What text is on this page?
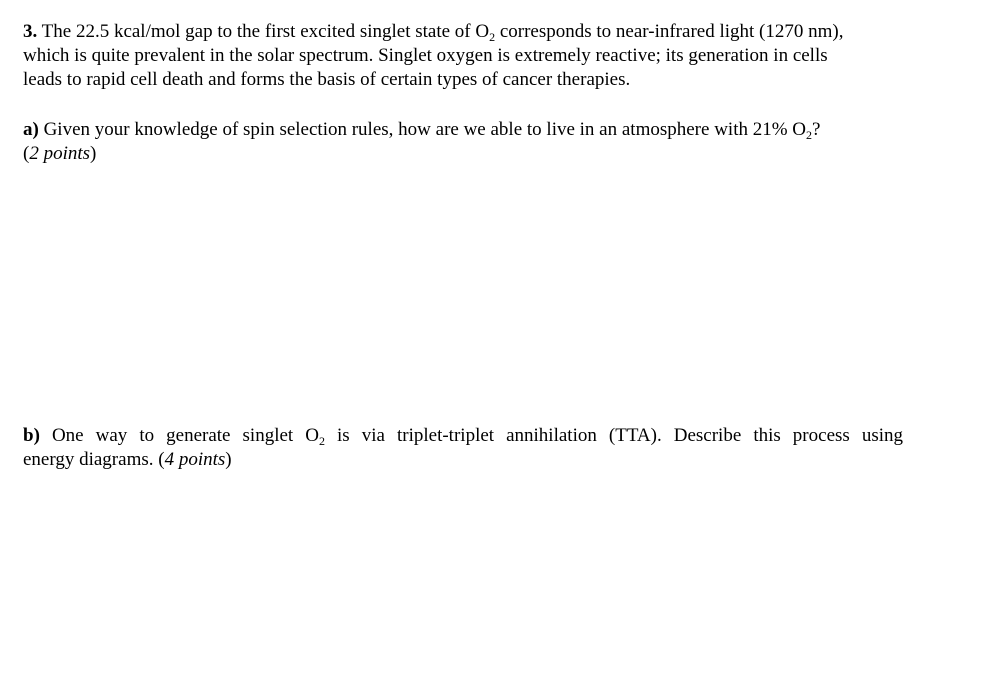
3. The 22.5 kcal/mol gap to the first excited singlet state of $O_2$ corresponds to near-infrared light (1270 nm),
which is quite prevalent in the solar spectrum. Singlet oxygen is extremely reactive; its generation in cells
leads to rapid cell death and forms the basis of certain types of cancer therapies.
a) Given your knowledge of spin selection rules, how are we able to live in an atmosphere with 21% $O_2$?
(2 points)
b) One way to generate singlet $O_2$ is via triplet-triplet annihilation (TTA). Describe this process using
energy diagrams. (4 points)
